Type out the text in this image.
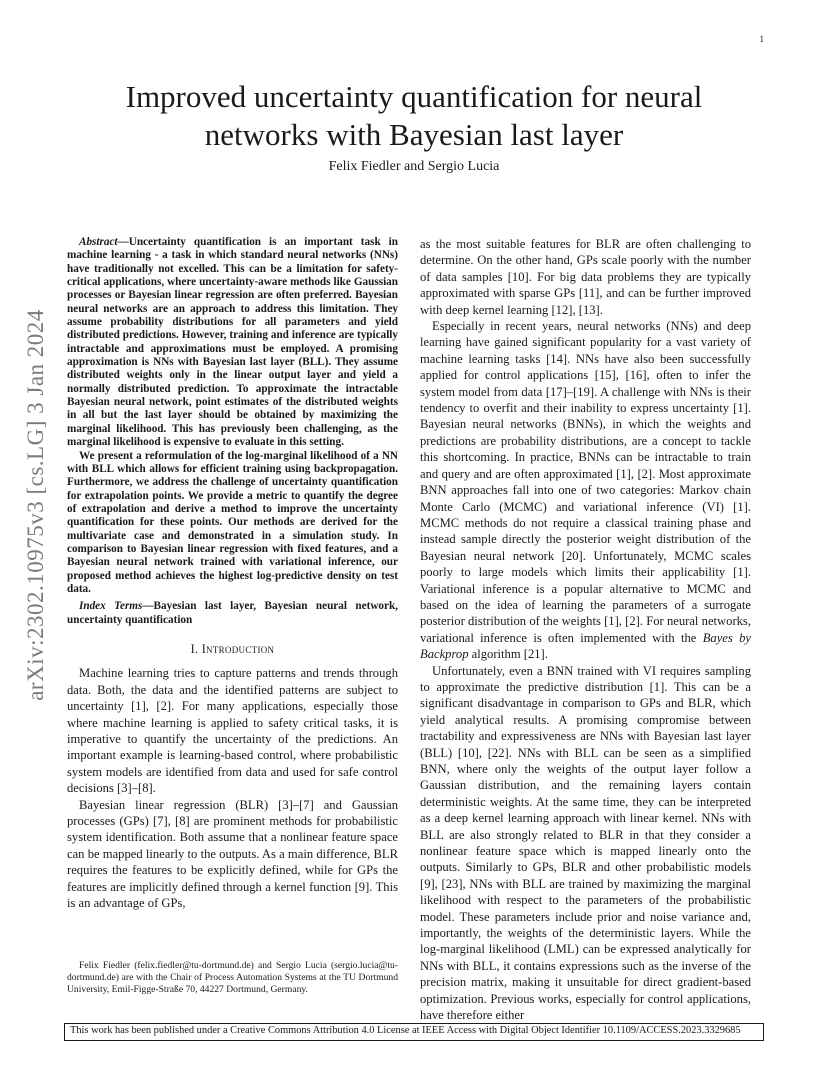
1
arXiv:2302.10975v3 [cs.LG] 3 Jan 2024
Improved uncertainty quantification for neural networks with Bayesian last layer
Felix Fiedler and Sergio Lucia

Abstract—Uncertainty quantification is an important task in machine learning - a task in which standard neural networks (NNs) have traditionally not excelled. This can be a limitation for safety-critical applications, where uncertainty-aware methods like Gaussian processes or Bayesian linear regression are often preferred. Bayesian neural networks are an approach to address this limitation. They assume probability distributions for all parameters and yield distributed predictions. However, training and inference are typically intractable and approximations must be employed. A promising approximation is NNs with Bayesian last layer (BLL). They assume distributed weights only in the linear output layer and yield a normally distributed prediction. To approximate the intractable Bayesian neural network, point estimates of the distributed weights in all but the last layer should be obtained by maximizing the marginal likelihood. This has previously been challenging, as the marginal likelihood is expensive to evaluate in this setting.

We present a reformulation of the log-marginal likelihood of a NN with BLL which allows for efficient training using backpropagation. Furthermore, we address the challenge of uncertainty quantification for extrapolation points. We provide a metric to quantify the degree of extrapolation and derive a method to improve the uncertainty quantification for these points. Our methods are derived for the multivariate case and demonstrated in a simulation study. In comparison to Bayesian linear regression with fixed features, and a Bayesian neural network trained with variational inference, our proposed method achieves the highest log-predictive density on test data.

Index Terms—Bayesian last layer, Bayesian neural network, uncertainty quantification

I. Introduction

Machine learning tries to capture patterns and trends through data. Both, the data and the identified patterns are subject to uncertainty [1], [2]. For many applications, especially those where machine learning is applied to safety critical tasks, it is imperative to quantify the uncertainty of the predictions. An important example is learning-based control, where probabilistic system models are identified from data and used for safe control decisions [3]–[8].

Bayesian linear regression (BLR) [3]–[7] and Gaussian processes (GPs) [7], [8] are prominent methods for probabilistic system identification. Both assume that a nonlinear feature space can be mapped linearly to the outputs. As a main difference, BLR requires the features to be explicitly defined, while for GPs the features are implicitly defined through a kernel function [9]. This is an advantage of GPs,

as the most suitable features for BLR are often challenging to determine. On the other hand, GPs scale poorly with the number of data samples [10]. For big data problems they are typically approximated with sparse GPs [11], and can be further improved with deep kernel learning [12], [13].

Especially in recent years, neural networks (NNs) and deep learning have gained significant popularity for a vast variety of machine learning tasks [14]. NNs have also been successfully applied for control applications [15], [16], often to infer the system model from data [17]–[19]. A challenge with NNs is their tendency to overfit and their inability to express uncertainty [1]. Bayesian neural networks (BNNs), in which the weights and predictions are probability distributions, are a concept to tackle this shortcoming. In practice, BNNs can be intractable to train and query and are often approximated [1], [2]. Most approximate BNN approaches fall into one of two categories: Markov chain Monte Carlo (MCMC) and variational inference (VI) [1]. MCMC methods do not require a classical training phase and instead sample directly the posterior weight distribution of the Bayesian neural network [20]. Unfortunately, MCMC scales poorly to large models which limits their applicability [1]. Variational inference is a popular alternative to MCMC and based on the idea of learning the parameters of a surrogate posterior distribution of the weights [1], [2]. For neural networks, variational inference is often implemented with the Bayes by Backprop algorithm [21].

Unfortunately, even a BNN trained with VI requires sampling to approximate the predictive distribution [1]. This can be a significant disadvantage in comparison to GPs and BLR, which yield analytical results. A promising compromise between tractability and expressiveness are NNs with Bayesian last layer (BLL) [10], [22]. NNs with BLL can be seen as a simplified BNN, where only the weights of the output layer follow a Gaussian distribution, and the remaining layers contain deterministic weights. At the same time, they can be interpreted as a deep kernel learning approach with linear kernel. NNs with BLL are also strongly related to BLR in that they consider a nonlinear feature space which is mapped linearly onto the outputs. Similarly to GPs, BLR and other probabilistic models [9], [23], NNs with BLL are trained by maximizing the marginal likelihood with respect to the parameters of the probabilistic model. These parameters include prior and noise variance and, importantly, the weights of the deterministic layers. While the log-marginal likelihood (LML) can be expressed analytically for NNs with BLL, it contains expressions such as the inverse of the precision matrix, making it unsuitable for direct gradient-based optimization. Previous works, especially for control applications, have therefore either

Felix Fiedler (felix.fiedler@tu-dortmund.de) and Sergio Lucia (sergio.lucia@tu-dortmund.de) are with the Chair of Process Automation Systems at the TU Dortmund University, Emil-Figge-Straße 70, 44227 Dortmund, Germany.

This work has been published under a Creative Commons Attribution 4.0 License at IEEE Access with Digital Object Identifier 10.1109/ACCESS.2023.3329685
